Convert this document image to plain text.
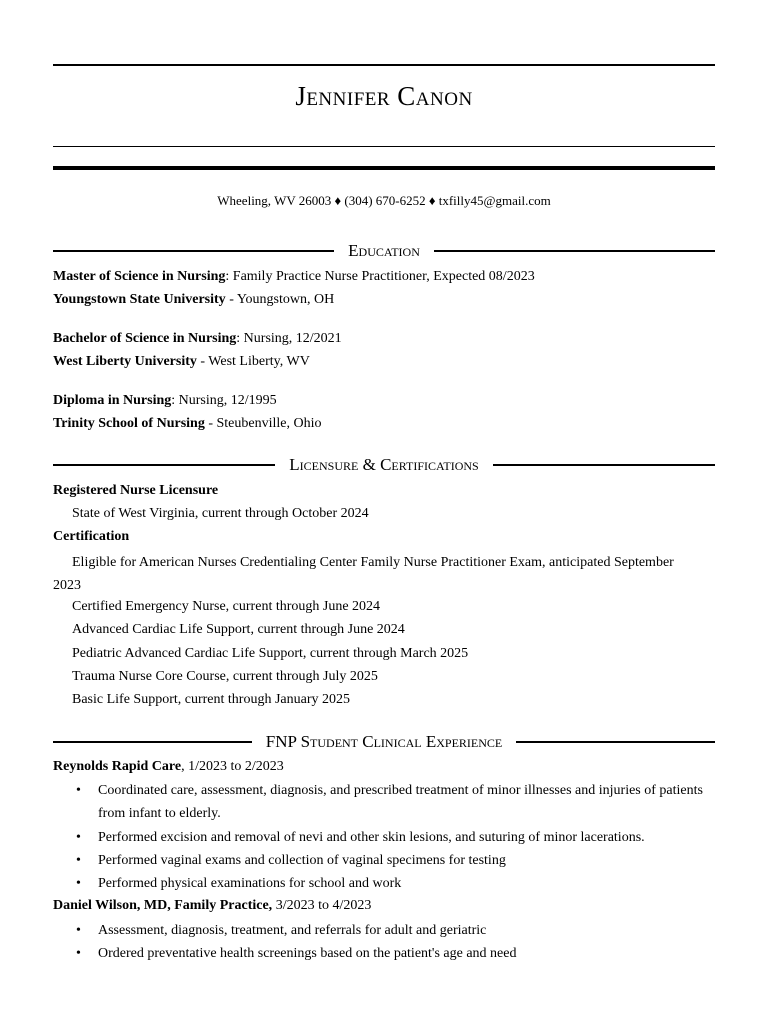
Jennifer Canon
Wheeling, WV 26003 ♦ (304) 670-6252 ♦ txfilly45@gmail.com
Education
Master of Science in Nursing: Family Practice Nurse Practitioner, Expected 08/2023
Youngstown State University - Youngstown, OH
Bachelor of Science in Nursing: Nursing, 12/2021
West Liberty University - West Liberty, WV
Diploma in Nursing: Nursing, 12/1995
Trinity School of Nursing - Steubenville, Ohio
Licensure & Certifications
Registered Nurse Licensure
State of West Virginia, current through October 2024
Certification
Eligible for American Nurses Credentialing Center Family Nurse Practitioner Exam, anticipated September 2023
Certified Emergency Nurse, current through June 2024
Advanced Cardiac Life Support, current through June 2024
Pediatric Advanced Cardiac Life Support, current through March 2025
Trauma Nurse Core Course, current through July 2025
Basic Life Support, current through January 2025
FNP Student Clinical Experience
Reynolds Rapid Care, 1/2023 to 2/2023
• Coordinated care, assessment, diagnosis, and prescribed treatment of minor illnesses and injuries of patients from infant to elderly.
• Performed excision and removal of nevi and other skin lesions, and suturing of minor lacerations.
• Performed vaginal exams and collection of vaginal specimens for testing
• Performed physical examinations for school and work
Daniel Wilson, MD, Family Practice, 3/2023 to 4/2023
• Assessment, diagnosis, treatment, and referrals for adult and geriatric
• Ordered preventative health screenings based on the patient's age and need
